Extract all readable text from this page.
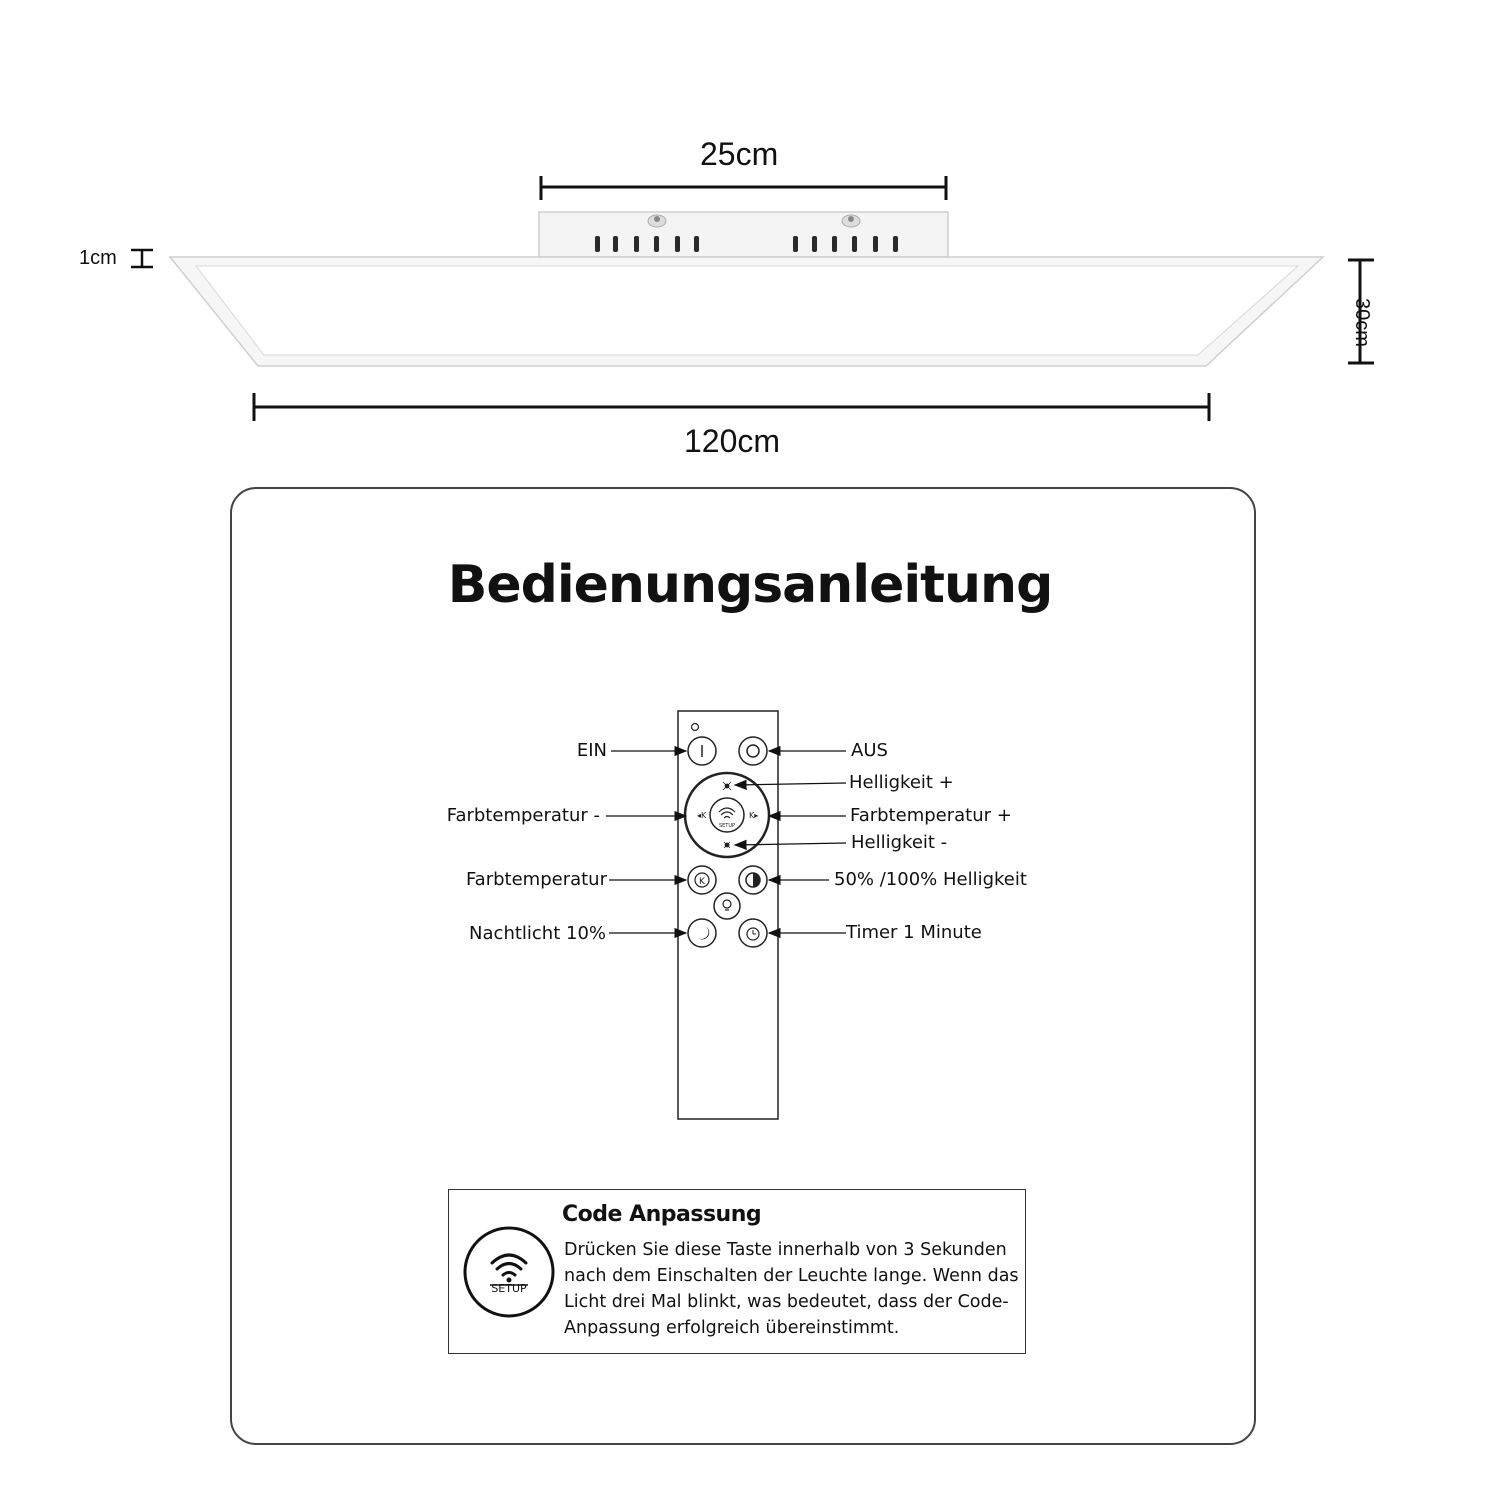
25cm
1cm
30cm
120cm
Bedienungsanleitung
SETUP
◂K	K▸
K
EIN	AUS
Helligkeit +
Farbtemperatur -	Farbtemperatur +
Helligkeit -
Farbtemperatur	50% /100% Helligkeit
Nachtlicht 10%	Timer 1 Minute
SETUP
Code Anpassung
Drücken Sie diese Taste innerhalb von 3 Sekunden
nach dem Einschalten der Leuchte lange. Wenn das
Licht drei Mal blinkt, was bedeutet, dass der Code-
Anpassung erfolgreich übereinstimmt.
